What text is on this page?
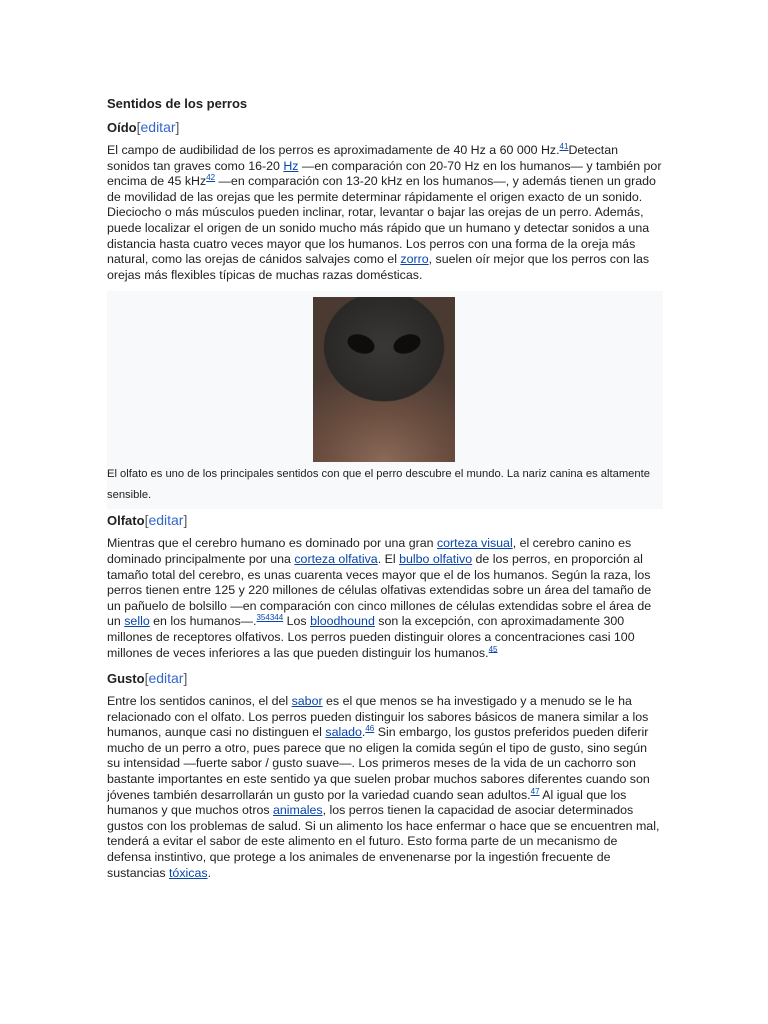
Sentidos de los perros
Oído[editar]

El campo de audibilidad de los perros es aproximadamente de 40 Hz a 60 000 Hz.$^{41}$Detectan sonidos tan graves como 16-20 Hz —en comparación con 20-70 Hz en los humanos— y también por encima de 45 kHz$^{42}$ —en comparación con 13-20 kHz en los humanos—, y además tienen un grado de movilidad de las orejas que les permite determinar rápidamente el origen exacto de un sonido. Dieciocho o más músculos pueden inclinar, rotar, levantar o bajar las orejas de un perro. Además, puede localizar el origen de un sonido mucho más rápido que un humano y detectar sonidos a una distancia hasta cuatro veces mayor que los humanos. Los perros con una forma de la oreja más natural, como las orejas de cánidos salvajes como el zorro, suelen oír mejor que los perros con las orejas más flexibles típicas de muchas razas domésticas.

El olfato es uno de los principales sentidos con que el perro descubre el mundo. La nariz canina es altamente sensible.
Olfato[editar]

Mientras que el cerebro humano es dominado por una gran corteza visual, el cerebro canino es dominado principalmente por una corteza olfativa. El bulbo olfativo de los perros, en proporción al tamaño total del cerebro, es unas cuarenta veces mayor que el de los humanos. Según la raza, los perros tienen entre 125 y 220 millones de células olfativas extendidas sobre un área del tamaño de un pañuelo de bolsillo —en comparación con cinco millones de células extendidas sobre el área de un sello en los humanos—.$^{354344}$ Los bloodhound son la excepción, con aproximadamente 300 millones de receptores olfativos. Los perros pueden distinguir olores a concentraciones casi 100 millones de veces inferiores a las que pueden distinguir los humanos.$^{45}$

Gusto[editar]

Entre los sentidos caninos, el del sabor es el que menos se ha investigado y a menudo se le ha relacionado con el olfato. Los perros pueden distinguir los sabores básicos de manera similar a los humanos, aunque casi no distinguen el salado.$^{46}$ Sin embargo, los gustos preferidos pueden diferir mucho de un perro a otro, pues parece que no eligen la comida según el tipo de gusto, sino según su intensidad —fuerte sabor / gusto suave—. Los primeros meses de la vida de un cachorro son bastante importantes en este sentido ya que suelen probar muchos sabores diferentes cuando son jóvenes también desarrollarán un gusto por la variedad cuando sean adultos.$^{47}$ Al igual que los humanos y que muchos otros animales, los perros tienen la capacidad de asociar determinados gustos con los problemas de salud. Si un alimento los hace enfermar o hace que se encuentren mal, tenderá a evitar el sabor de este alimento en el futuro. Esto forma parte de un mecanismo de defensa instintivo, que protege a los animales de envenenarse por la ingestión frecuente de sustancias tóxicas.
